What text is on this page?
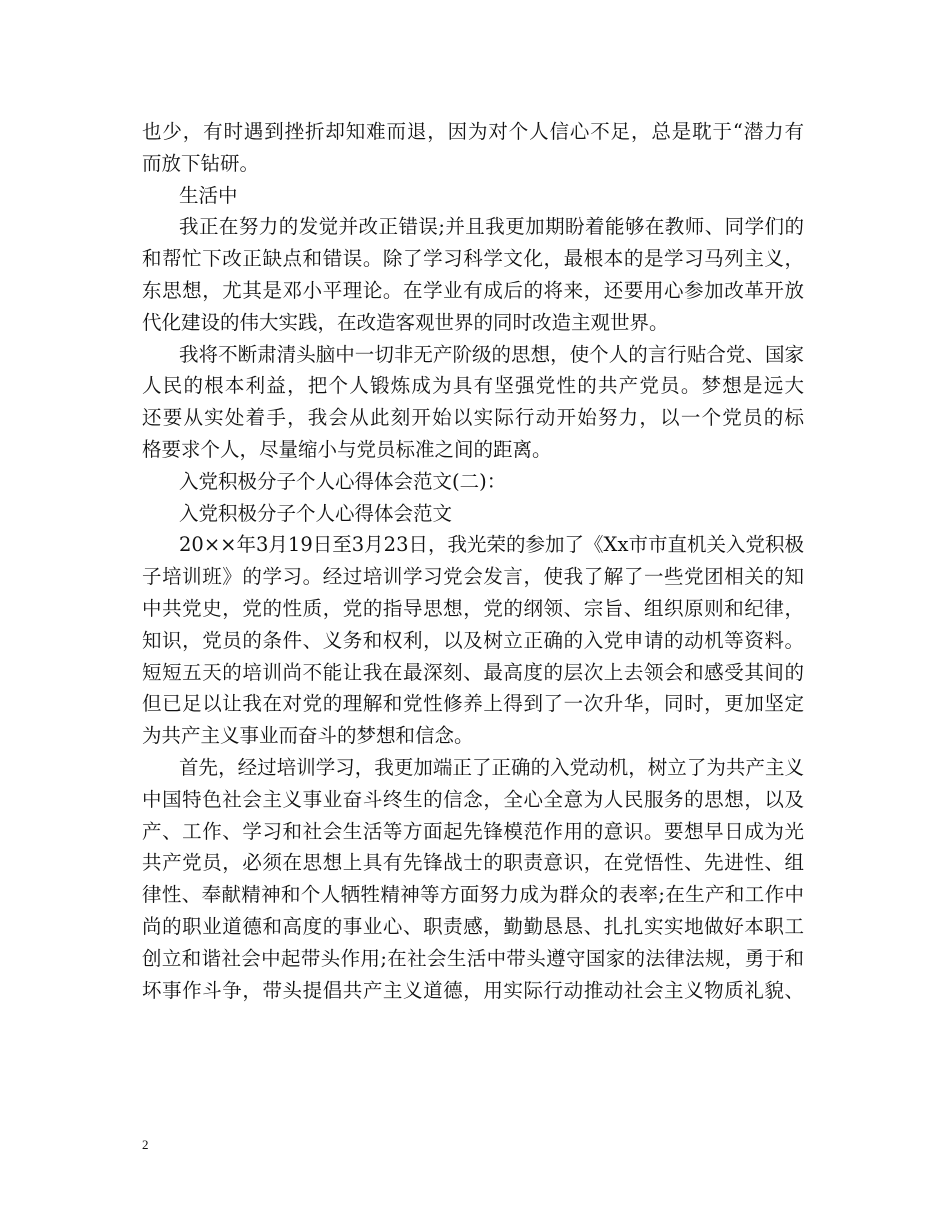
也少，有时遇到挫折却知难而退，因为对个人信心不足，总是耽于“潜力有
而放下钻研。
生活中
我正在努力的发觉并改正错误;并且我更加期盼着能够在教师、同学们的
和帮忙下改正缺点和错误。除了学习科学文化，最根本的是学习马列主义，
东思想，尤其是邓小平理论。在学业有成后的将来，还要用心参加改革开放
代化建设的伟大实践，在改造客观世界的同时改造主观世界。
我将不断肃清头脑中一切非无产阶级的思想，使个人的言行贴合党、国家
人民的根本利益，把个人锻炼成为具有坚强党性的共产党员。梦想是远大
还要从实处着手，我会从此刻开始以实际行动开始努力，以一个党员的标
格要求个人，尽量缩小与党员标准之间的距离。
入党积极分子个人心得体会范文(二)：
入党积极分子个人心得体会范文
20××年3月19日至3月23日，我光荣的参加了《Xx市市直机关入党积极
子培训班》的学习。经过培训学习党会发言，使我了解了一些党团相关的知
中共党史，党的性质，党的指导思想，党的纲领、宗旨、组织原则和纪律，
知识，党员的条件、义务和权利，以及树立正确的入党申请的动机等资料。
短短五天的培训尚不能让我在最深刻、最高度的层次上去领会和感受其间的
但已足以让我在对党的理解和党性修养上得到了一次升华，同时，更加坚定
为共产主义事业而奋斗的梦想和信念。
首先，经过培训学习，我更加端正了正确的入党动机，树立了为共产主义
中国特色社会主义事业奋斗终生的信念，全心全意为人民服务的思想，以及
产、工作、学习和社会生活等方面起先锋模范作用的意识。要想早日成为光
共产党员，必须在思想上具有先锋战士的职责意识，在党悟性、先进性、组
律性、奉献精神和个人牺牲精神等方面努力成为群众的表率;在生产和工作中
尚的职业道德和高度的事业心、职责感，勤勤恳恳、扎扎实实地做好本职工
创立和谐社会中起带头作用;在社会生活中带头遵守国家的法律法规，勇于和
坏事作斗争，带头提倡共产主义道德，用实际行动推动社会主义物质礼貌、
2
